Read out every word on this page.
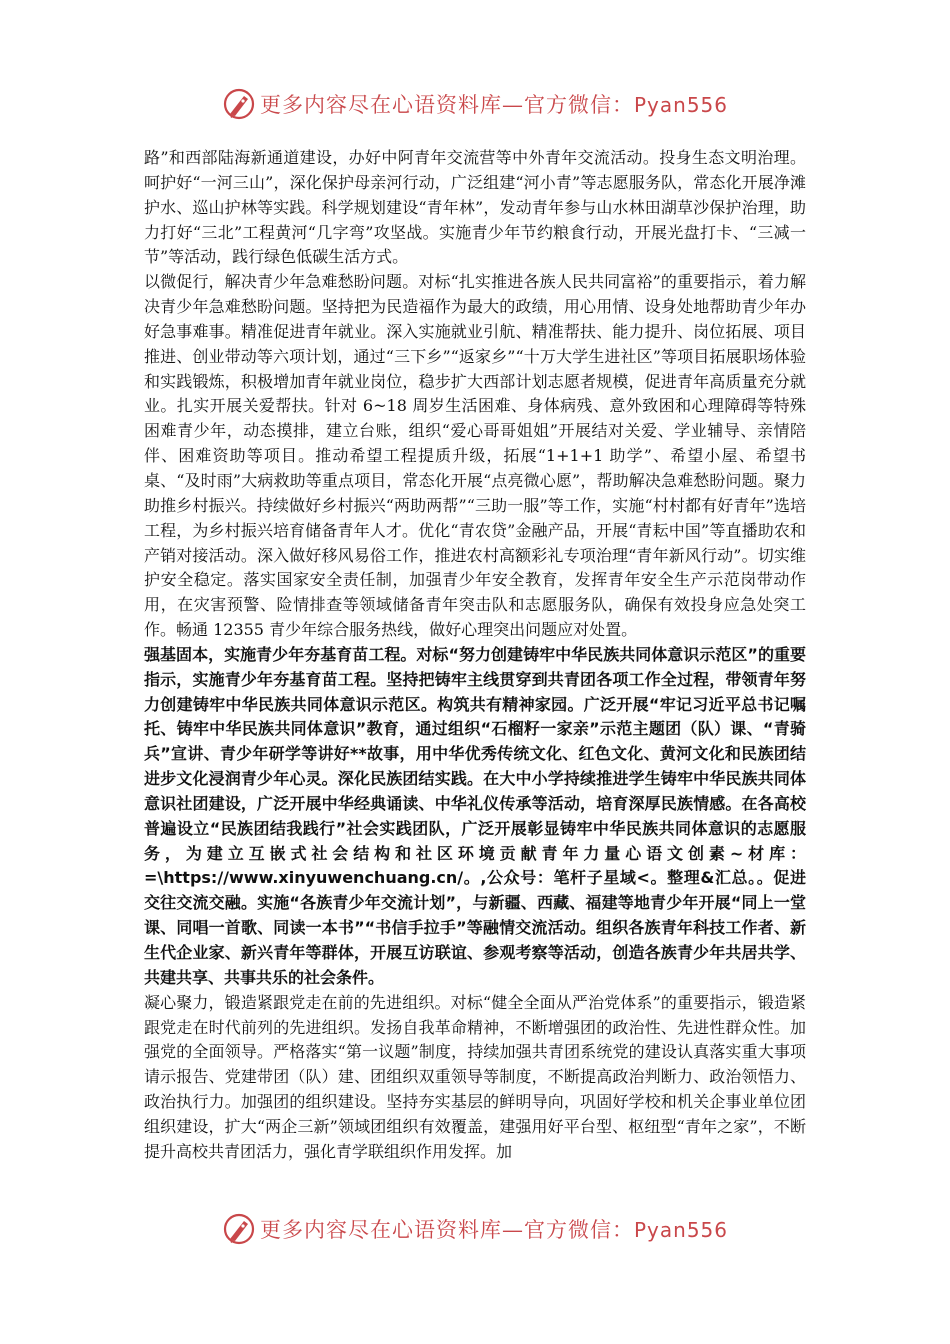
更多内容尽在心语资料库—官方微信：Pyan556

路”和西部陆海新通道建设，办好中阿青年交流营等中外青年交流活动。投身生态文明治理。呵护好“一河三山”，深化保护母亲河行动，广泛组建“河小青”等志愿服务队，常态化开展净滩护水、巡山护林等实践。科学规划建设“青年林”，发动青年参与山水林田湖草沙保护治理，助力打好“三北”工程黄河“几字弯”攻坚战。实施青少年节约粮食行动，开展光盘打卡、“三减一节”等活动，践行绿色低碳生活方式。

以微促行，解决青少年急难愁盼问题。对标“扎实推进各族人民共同富裕”的重要指示，着力解决青少年急难愁盼问题。坚持把为民造福作为最大的政绩，用心用情、设身处地帮助青少年办好急事难事。精准促进青年就业。深入实施就业引航、精准帮扶、能力提升、岗位拓展、项目推进、创业带动等六项计划，通过“三下乡”“返家乡”“十万大学生进社区”等项目拓展职场体验和实践锻炼，积极增加青年就业岗位，稳步扩大西部计划志愿者规模，促进青年高质量充分就业。扎实开展关爱帮扶。针对 6~18 周岁生活困难、身体病残、意外致困和心理障碍等特殊困难青少年，动态摸排，建立台账，组织“爱心哥哥姐姐”开展结对关爱、学业辅导、亲情陪伴、困难资助等项目。推动希望工程提质升级，拓展“1+1+1 助学”、希望小屋、希望书桌、“及时雨”大病救助等重点项目，常态化开展“点亮微心愿”，帮助解决急难愁盼问题。聚力助推乡村振兴。持续做好乡村振兴“两助两帮”“三助一服”等工作，实施“村村都有好青年”选培工程，为乡村振兴培育储备青年人才。优化“青农贷”金融产品，开展“青耘中国”等直播助农和产销对接活动。深入做好移风易俗工作，推进农村高额彩礼专项治理“青年新风行动”。切实维护安全稳定。落实国家安全责任制，加强青少年安全教育，发挥青年安全生产示范岗带动作用，在灾害预警、险情排查等领域储备青年突击队和志愿服务队，确保有效投身应急处突工作。畅通 12355 青少年综合服务热线，做好心理突出问题应对处置。

强基固本，实施青少年夯基育苗工程。对标“努力创建铸牢中华民族共同体意识示范区”的重要指示，实施青少年夯基育苗工程。坚持把铸牢主线贯穿到共青团各项工作全过程，带领青年努力创建铸牢中华民族共同体意识示范区。构筑共有精神家园。广泛开展“牢记习近平总书记嘱托、铸牢中华民族共同体意识”教育，通过组织“石榴籽一家亲”示范主题团（队）课、“青骑兵”宣讲、青少年研学等讲好**故事，用中华优秀传统文化、红色文化、黄河文化和民族团结进步文化浸润青少年心灵。深化民族团结实践。在大中小学持续推进学生铸牢中华民族共同体意识社团建设，广泛开展中华经典诵读、中华礼仪传承等活动，培育深厚民族情感。在各高校普遍设立“民族团结我践行”社会实践团队，广泛开展彰显铸牢中华民族共同体意识的志愿服务，为建立互嵌式社会结构和社区环境贡献青年力量心语文创素~材库：=\https://www.xinyuwenchuang.cn/。,公众号：笔杆子星域<。整理&汇总。。促进交往交流交融。实施“各族青少年交流计划”，与新疆、西藏、福建等地青少年开展“同上一堂课、同唱一首歌、同读一本书”“书信手拉手”等融情交流活动。组织各族青年科技工作者、新生代企业家、新兴青年等群体，开展互访联谊、参观考察等活动，创造各族青少年共居共学、共建共享、共事共乐的社会条件。

凝心聚力，锻造紧跟党走在前的先进组织。对标“健全全面从严治党体系”的重要指示，锻造紧跟党走在时代前列的先进组织。发扬自我革命精神，不断增强团的政治性、先进性群众性。加强党的全面领导。严格落实“第一议题”制度，持续加强共青团系统党的建设认真落实重大事项请示报告、党建带团（队）建、团组织双重领导等制度，不断提高政治判断力、政治领悟力、政治执行力。加强团的组织建设。坚持夯实基层的鲜明导向，巩固好学校和机关企事业单位团组织建设，扩大“两企三新”领域团组织有效覆盖，建强用好平台型、枢纽型“青年之家”，不断提升高校共青团活力，强化青学联组织作用发挥。加

更多内容尽在心语资料库—官方微信：Pyan556
